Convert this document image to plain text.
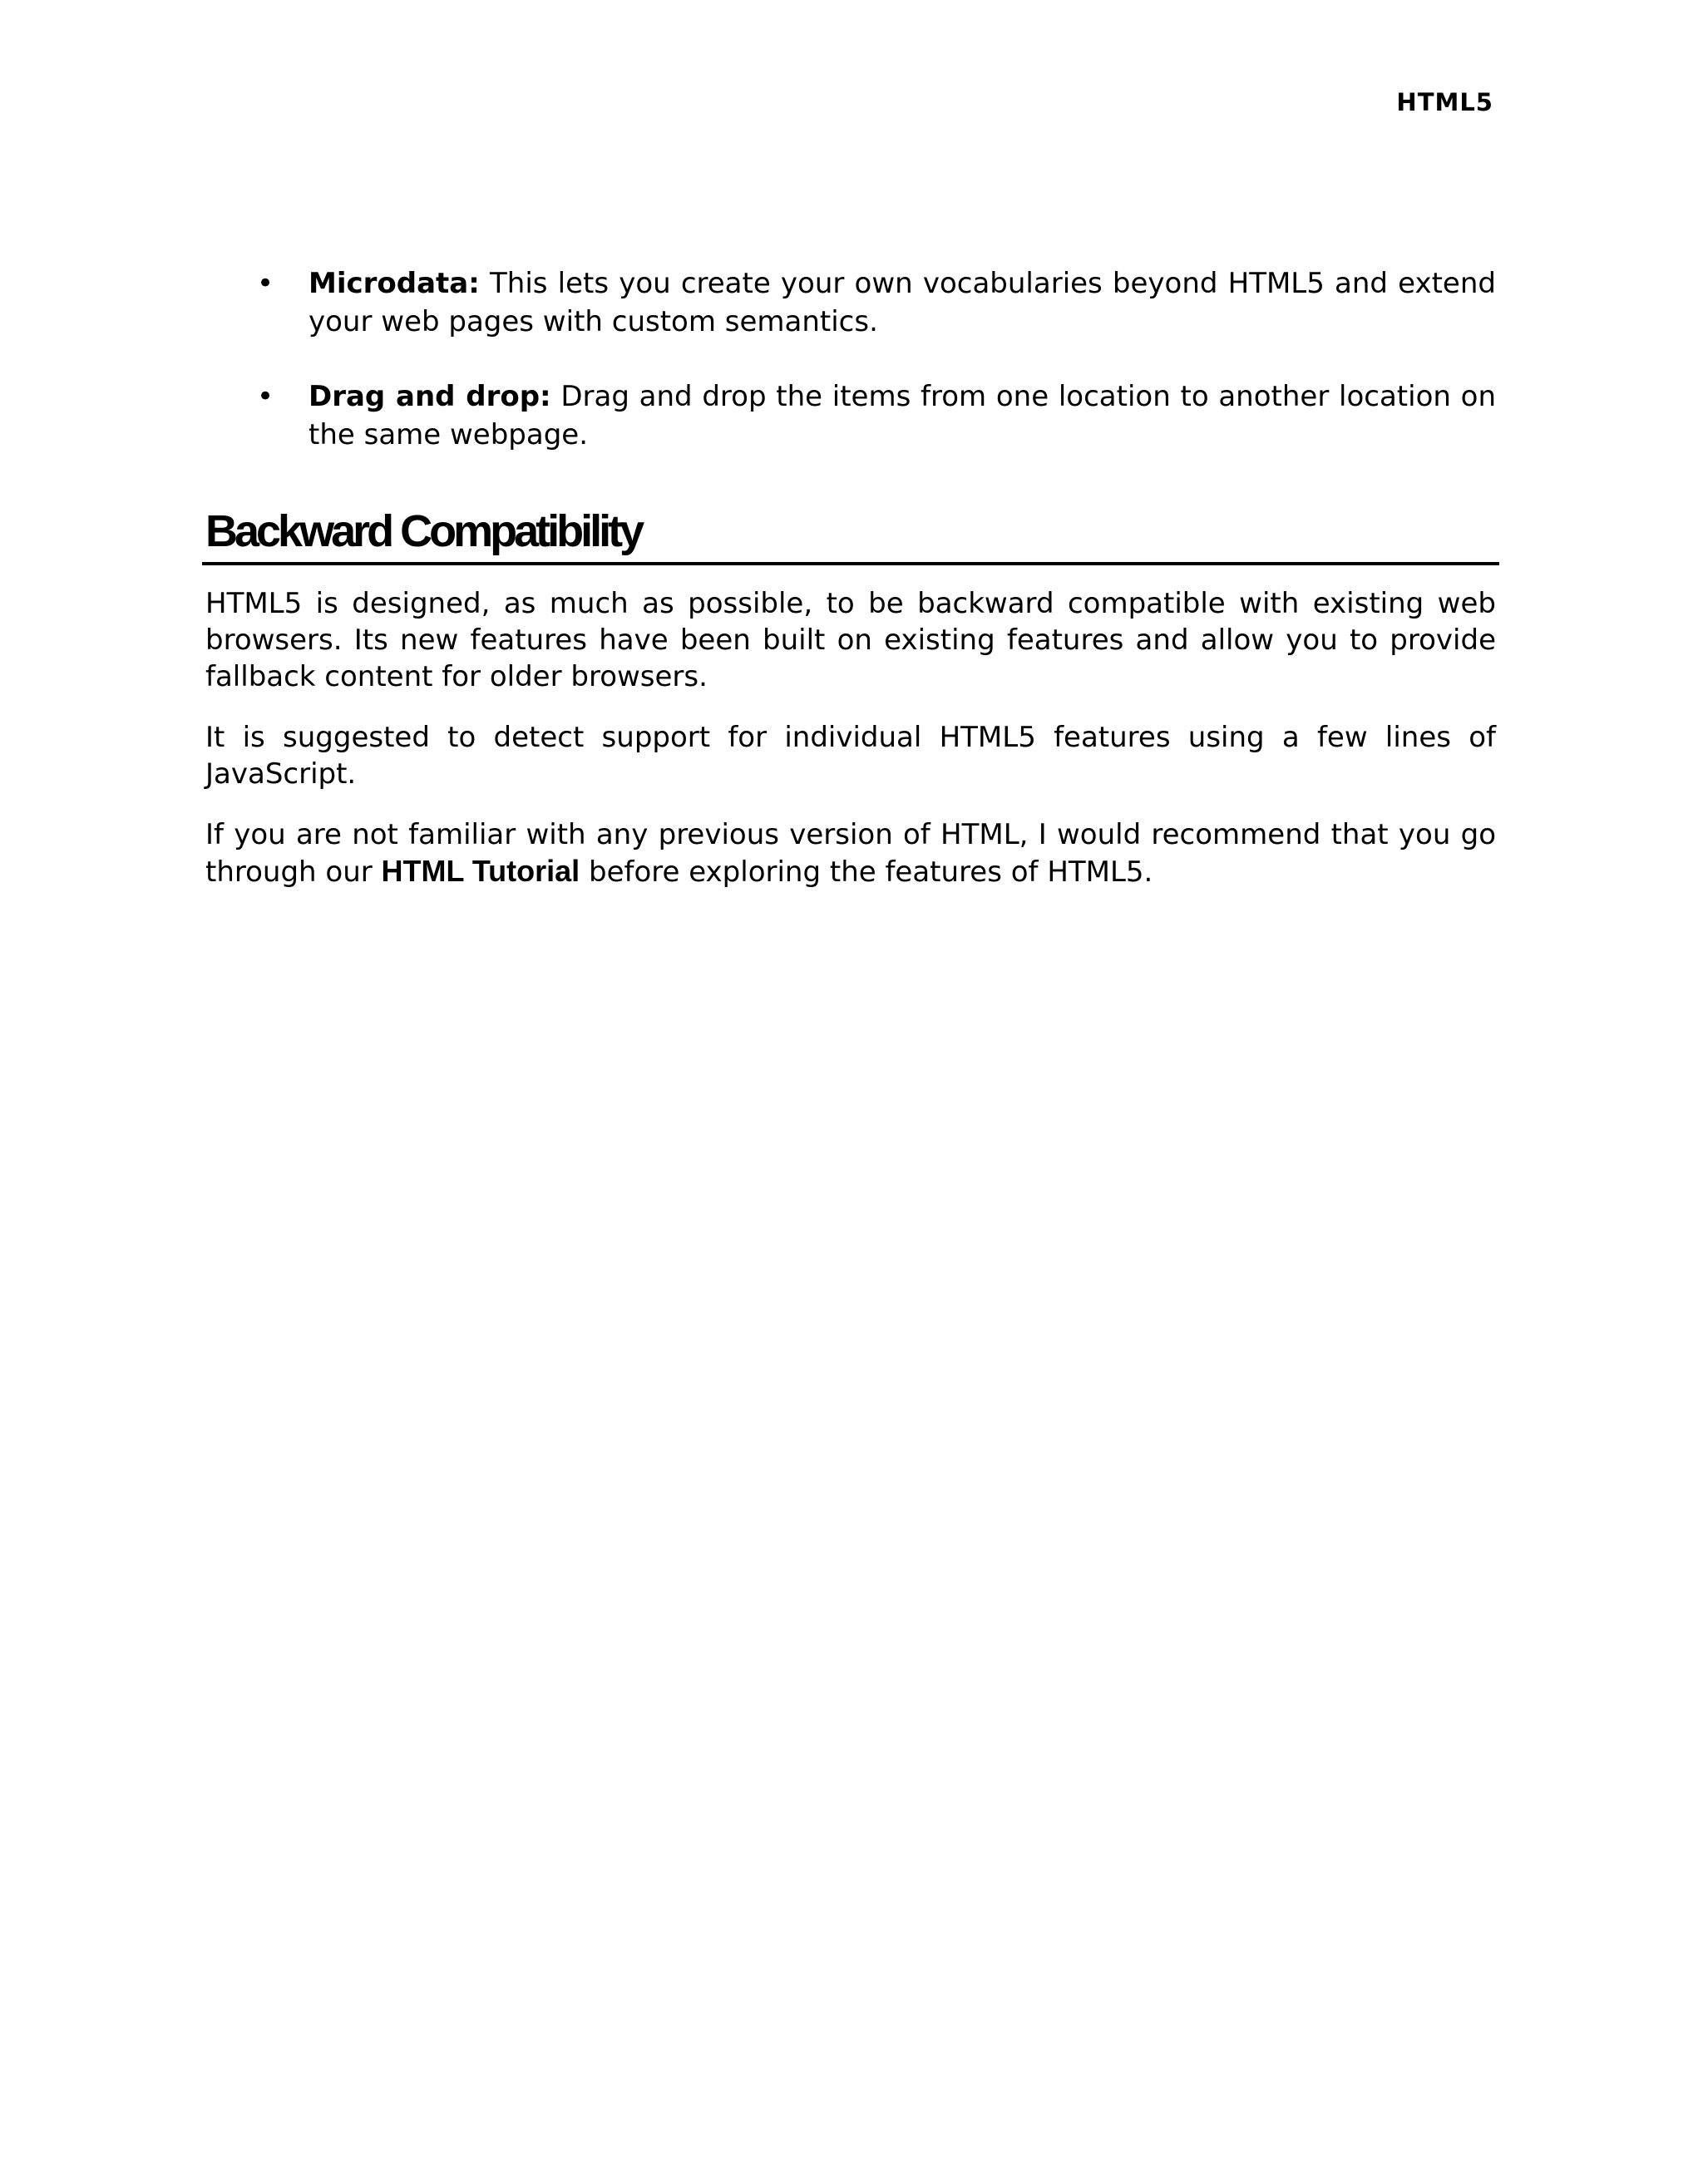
HTML5
• Microdata: This lets you create your own vocabularies beyond HTML5 and extend your web pages with custom semantics.
• Drag and drop: Drag and drop the items from one location to another location on the same webpage.
Backward Compatibility

HTML5 is designed, as much as possible, to be backward compatible with existing web browsers. Its new features have been built on existing features and allow you to provide fallback content for older browsers.

It is suggested to detect support for individual HTML5 features using a few lines of JavaScript.

If you are not familiar with any previous version of HTML, I would recommend that you go through our HTML Tutorial before exploring the features of HTML5.
